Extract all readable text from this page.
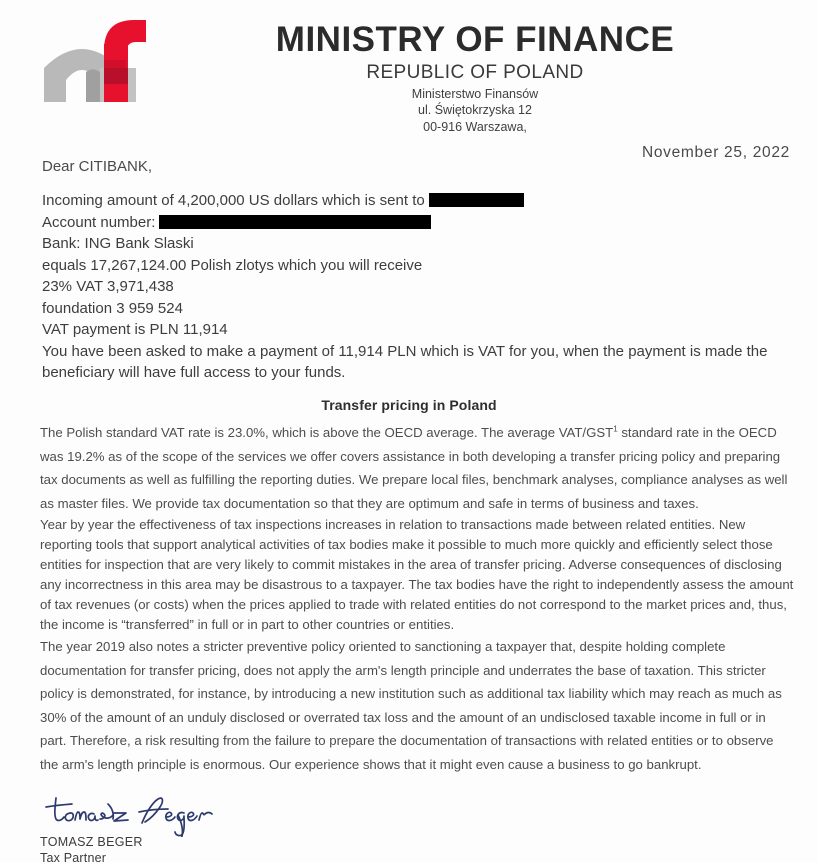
MINISTRY OF FINANCE
REPUBLIC OF POLAND
Ministerstwo Finansów
ul. Świętokrzyska 12
00-916 Warszawa,
November 25, 2022
Dear CITIBANK,
Incoming amount of 4,200,000 US dollars which is sent to
Account number:
Bank: ING Bank Slaski
equals 17,267,124.00 Polish zlotys which you will receive
23% VAT 3,971,438
foundation 3 959 524
VAT payment is PLN 11,914
You have been asked to make a payment of 11,914 PLN which is VAT for you, when the payment is made the beneficiary will have full access to your funds.
Transfer pricing in Poland

The Polish standard VAT rate is 23.0%, which is above the OECD average. The average VAT/GST$^1$ standard rate in the OECD was 19.2% as of the scope of the services we offer covers assistance in both developing a transfer pricing policy and preparing tax documents as well as fulfilling the reporting duties. We prepare local files, benchmark analyses, compliance analyses as well as master files. We provide tax documentation so that they are optimum and safe in terms of business and taxes.

Year by year the effectiveness of tax inspections increases in relation to transactions made between related entities. New reporting tools that support analytical activities of tax bodies make it possible to much more quickly and efficiently select those entities for inspection that are very likely to commit mistakes in the area of transfer pricing. Adverse consequences of disclosing any incorrectness in this area may be disastrous to a taxpayer. The tax bodies have the right to independently assess the amount of tax revenues (or costs) when the prices applied to trade with related entities do not correspond to the market prices and, thus, the income is “transferred” in full or in part to other countries or entities.

The year 2019 also notes a stricter preventive policy oriented to sanctioning a taxpayer that, despite holding complete documentation for transfer pricing, does not apply the arm's length principle and underrates the base of taxation. This stricter policy is demonstrated, for instance, by introducing a new institution such as additional tax liability which may reach as much as 30% of the amount of an unduly disclosed or overrated tax loss and the amount of an undisclosed taxable income in full or in part. Therefore, a risk resulting from the failure to prepare the documentation of transactions with related entities or to observe the arm's length principle is enormous. Our experience shows that it might even cause a business to go bankrupt.

TOMASZ BEGER
Tax Partner
